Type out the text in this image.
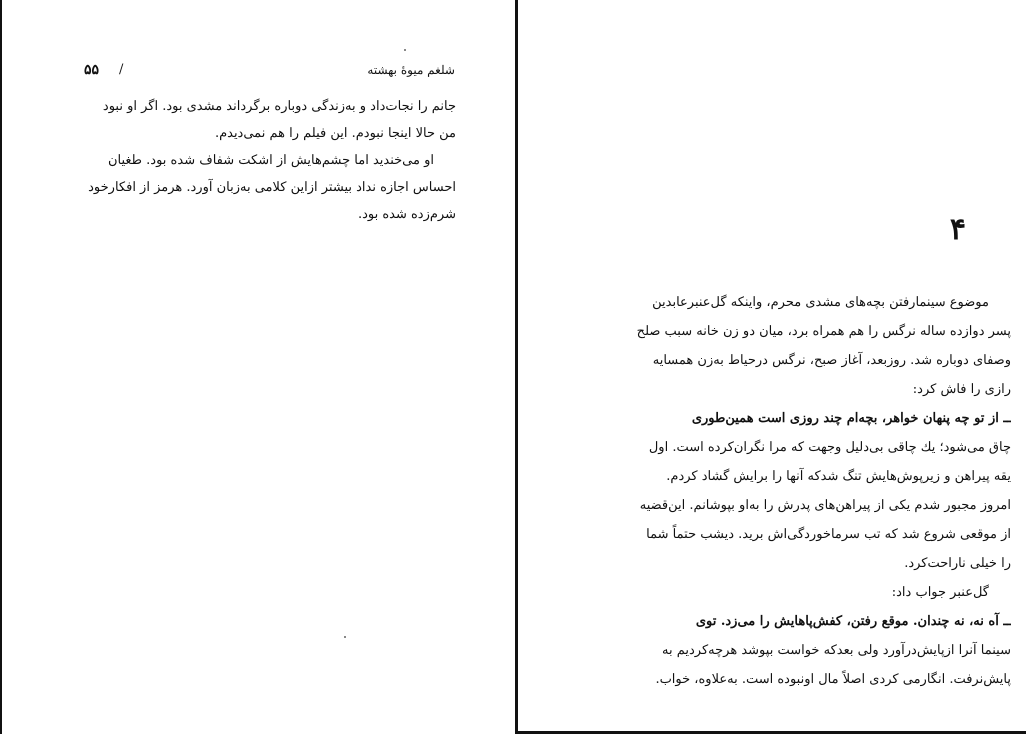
شلغم میوهٔ بهشته
/
۵۵
جانم را نجات‌داد و به‌زندگی دوباره برگرداند مشدی بود. اگر او نبود
من حالا اینجا نبودم. این فیلم را هم نمی‌دیدم.
او می‌خندید اما چشم‌هایش از اشکت شفاف شده بود. طغیان
احساس اجازه نداد بیشتر ازاین کلامی به‌زبان آورد. هرمز از افکارخود
شرم‌زده شده بود.	۴
موضوع سینمارفتن بچه‌های مشدی محرم، واینکه گل‌عنبرعابدین
پسر دوازده ساله نرگس را هم همراه برد، میان دو زن خانه سبب صلح
وصفای دوباره شد. روزبعد، آغاز صبح، نرگس درحیاط به‌زن همسایه
رازی را فاش کرد:
ــ از تو چه پنهان خواهر، بچه‌ام چند روزی است همین‌طوری
چاق می‌شود؛ یك چاقی بی‌دلیل وجهت که مرا نگران‌کرده است. اول
یقه پیراهن و زیرپوش‌هایش تنگ شدکه آنها را برایش گشاد کردم.
امروز مجبور شدم یکی از پیراهن‌های پدرش را به‌او بپوشانم. این‌قضیه
از موقعی شروع شد که تب سرماخوردگی‌اش برید. دیشب حتماً شما
را خیلی ناراحت‌کرد.
گل‌عنبر جواب داد:
ــ آه نه، نه چندان. موقع رفتن، کفش‌پاهایش را می‌زد. توی
سینما آنرا ازپایش‌درآورد ولی بعدکه خواست بپوشد هرچه‌کردیم به
پایش‌نرفت. انگارمی کردی اصلاً مال اونبوده است. به‌علاوه، خواب.
